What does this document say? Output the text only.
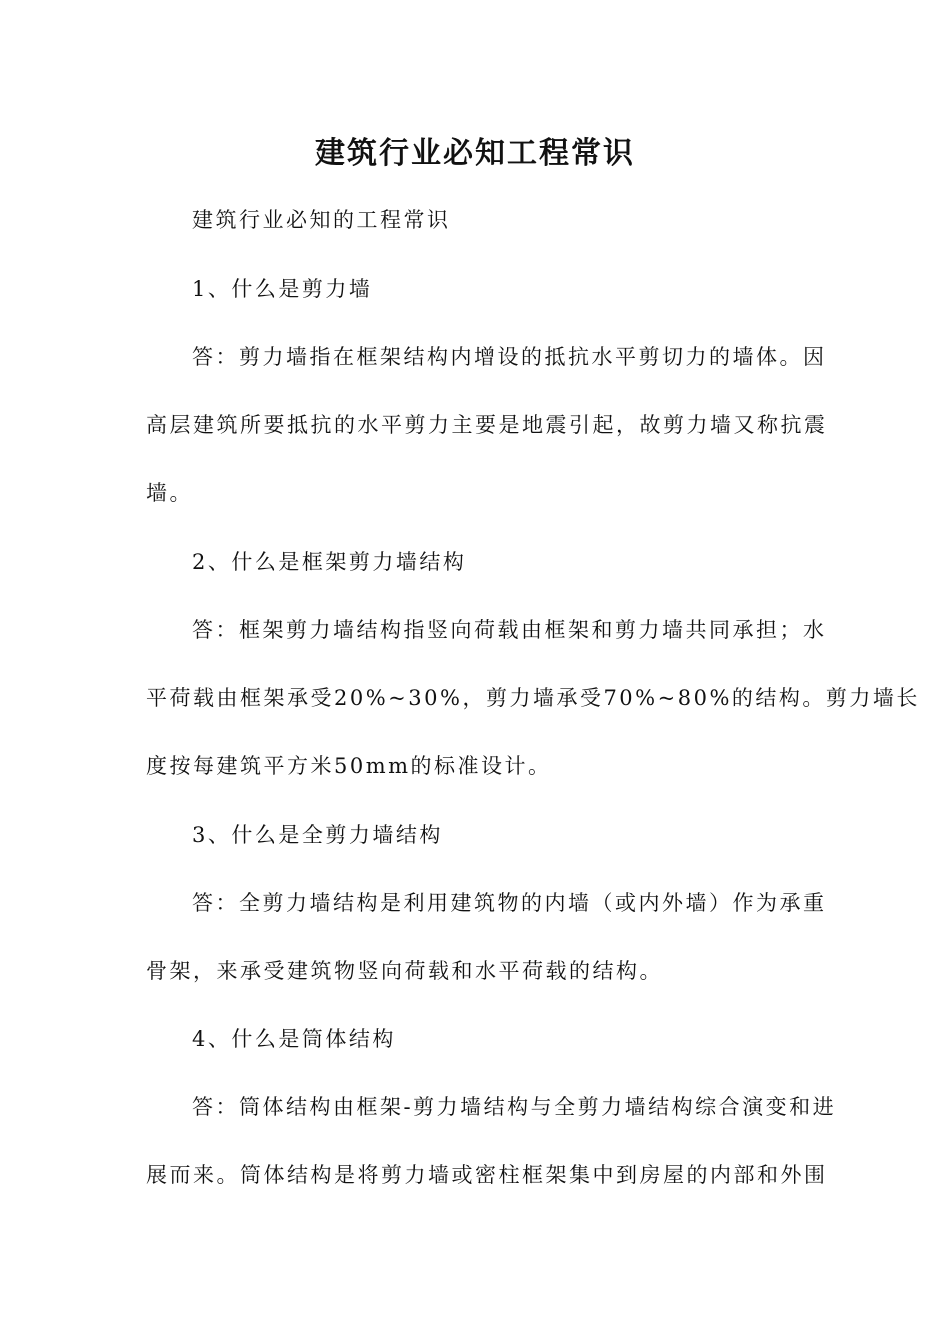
建筑行业必知工程常识
建筑行业必知的工程常识
1、什么是剪力墙
答：剪力墙指在框架结构内增设的抵抗水平剪切力的墙体。因
高层建筑所要抵抗的水平剪力主要是地震引起，故剪力墙又称抗震
墙。
2、什么是框架剪力墙结构
答：框架剪力墙结构指竖向荷载由框架和剪力墙共同承担；水
平荷载由框架承受20%~30%，剪力墙承受70%~80%的结构。剪力墙长
度按每建筑平方米50mm的标准设计。
3、什么是全剪力墙结构
答：全剪力墙结构是利用建筑物的内墙（或内外墙）作为承重
骨架，来承受建筑物竖向荷载和水平荷载的结构。
4、什么是筒体结构
答：筒体结构由框架-剪力墙结构与全剪力墙结构综合演变和进
展而来。筒体结构是将剪力墙或密柱框架集中到房屋的内部和外围
